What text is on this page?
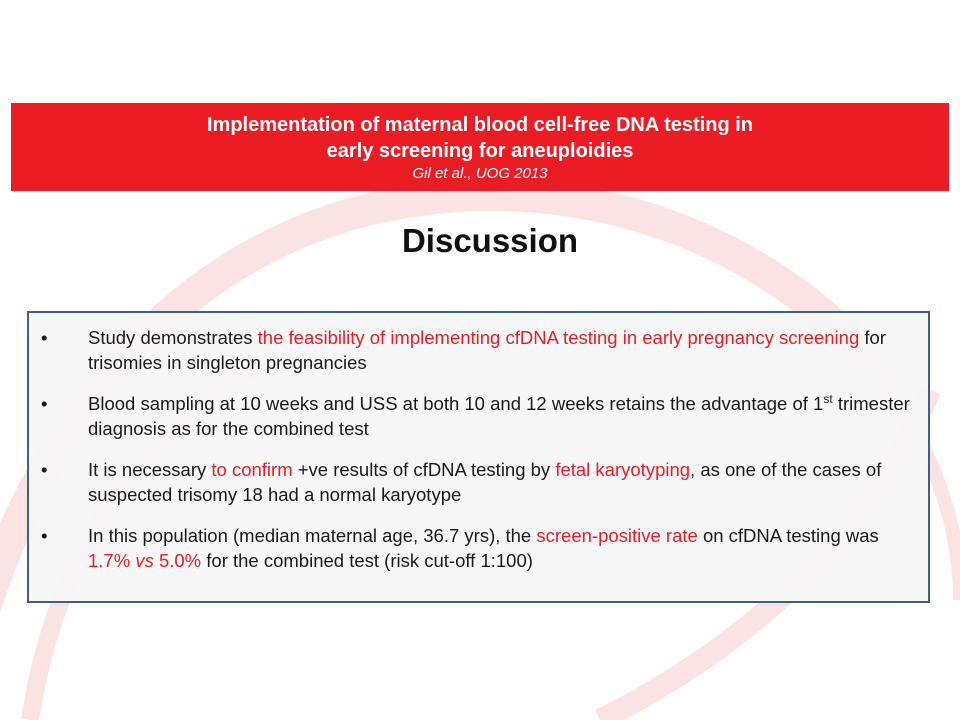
Implementation of maternal blood cell-free DNA testing in
early screening for aneuploidies
Gil et al., UOG 2013
Discussion
• Study demonstrates the feasibility of implementing cfDNA testing in early pregnancy screening for trisomies in singleton pregnancies
• Blood sampling at 10 weeks and USS at both 10 and 12 weeks retains the advantage of 1st trimester diagnosis as for the combined test
• It is necessary to confirm +ve results of cfDNA testing by fetal karyotyping, as one of the cases of suspected trisomy 18 had a normal karyotype
• In this population (median maternal age, 36.7 yrs), the screen-positive rate on cfDNA testing was 1.7% vs 5.0% for the combined test (risk cut-off 1:100)
